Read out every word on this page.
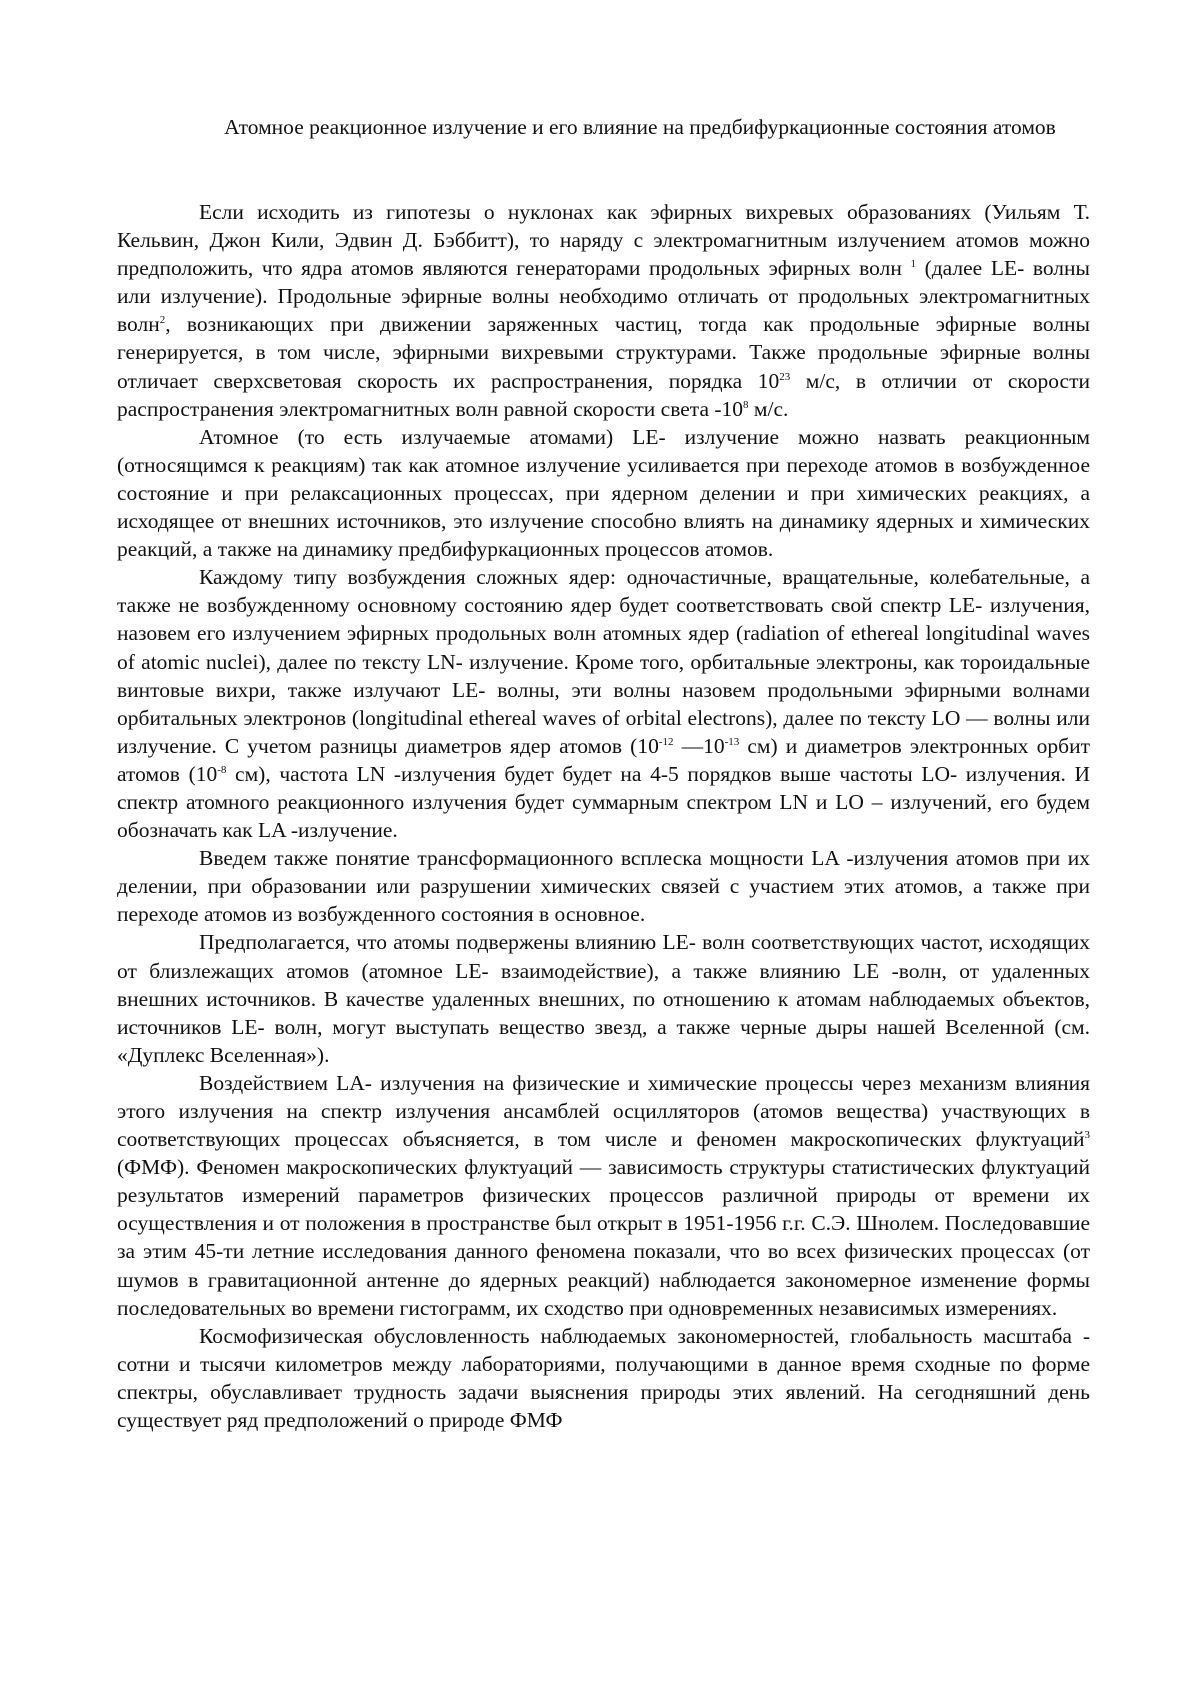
Атомное реакционное излучение и его влияние на предбифуркационные состояния атомов

Если исходить из гипотезы о нуклонах как эфирных вихревых образованиях (Уильям Т. Кельвин, Джон Кили, Эдвин Д. Бэббитт), то наряду с электромагнитным излучением атомов можно предположить, что ядра атомов являются генераторами продольных эфирных волн $^1$ (далее LE- волны или излучение). Продольные эфирные волны необходимо отличать от продольных электромагнитных волн$^2$, возникающих при движении заряженных частиц, тогда как продольные эфирные волны генерируется, в том числе, эфирными вихревыми структурами. Также продольные эфирные волны отличает сверхсветовая скорость их распространения, порядка $10^{23}$ м/с, в отличии от скорости распространения электромагнитных волн равной скорости света $-10^8$ м/с.

Атомное (то есть излучаемые атомами) LE- излучение можно назвать реакционным (относящимся к реакциям) так как атомное излучение усиливается при переходе атомов в возбужденное состояние и при релаксационных процессах, при ядерном делении и при химических реакциях, а исходящее от внешних источников, это излучение способно влиять на динамику ядерных и химических реакций, а также на динамику предбифуркационных процессов атомов.

Каждому типу возбуждения сложных ядер: одночастичные, вращательные, колебательные, а также не возбужденному основному состоянию ядер будет соответствовать свой спектр LE- излучения, назовем его излучением эфирных продольных волн атомных ядер (radiation of ethereal longitudinal waves of atomic nuclei), далее по тексту LN- излучение. Кроме того, орбитальные электроны, как тороидальные винтовые вихри, также излучают LE- волны, эти волны назовем продольными эфирными волнами орбитальных электронов (longitudinal ethereal waves of orbital electrons), далее по тексту LO — волны или излучение. С учетом разницы диаметров ядер атомов ($10^{-12}$ $—10^{-13}$ см) и диаметров электронных орбит атомов ($10^{-8}$ см), частота LN -излучения будет будет на 4-5 порядков выше частоты LO- излучения. И спектр атомного реакционного излучения будет суммарным спектром LN и LO – излучений, его будем обозначать как LA -излучение.

Введем также понятие трансформационного всплеска мощности LA -излучения атомов при их делении, при образовании или разрушении химических связей с участием этих атомов, а также при переходе атомов из возбужденного состояния в основное.

Предполагается, что атомы подвержены влиянию LE- волн соответствующих частот, исходящих от близлежащих атомов (атомное LE- взаимодействие), а также влиянию LE -волн, от удаленных внешних источников. В качестве удаленных внешних, по отношению к атомам наблюдаемых объектов, источников LE- волн, могут выступать вещество звезд, а также черные дыры нашей Вселенной (см. «Дуплекс Вселенная»).

Воздействием LA- излучения на физические и химические процессы через механизм влияния этого излучения на спектр излучения ансамблей осцилляторов (атомов вещества) участвующих в соответствующих процессах объясняется, в том числе и феномен макроскопических флуктуаций$^3$ (ФМФ). Феномен макроскопических флуктуаций — зависимость структуры статистических флуктуаций результатов измерений параметров физических процессов различной природы от времени их осуществления и от положения в пространстве был открыт в 1951-1956 г.г. С.Э. Шнолем. Последовавшие за этим 45-ти летние исследования данного феномена показали, что во всех физических процессах (от шумов в гравитационной антенне до ядерных реакций) наблюдается закономерное изменение формы последовательных во времени гистограмм, их сходство при одновременных независимых измерениях.

Космофизическая обусловленность наблюдаемых закономерностей, глобальность масштаба - сотни и тысячи километров между лабораториями, получающими в данное время сходные по форме спектры, обуславливает трудность задачи выяснения природы этих явлений. На сегодняшний день существует ряд предположений о природе ФМФ
